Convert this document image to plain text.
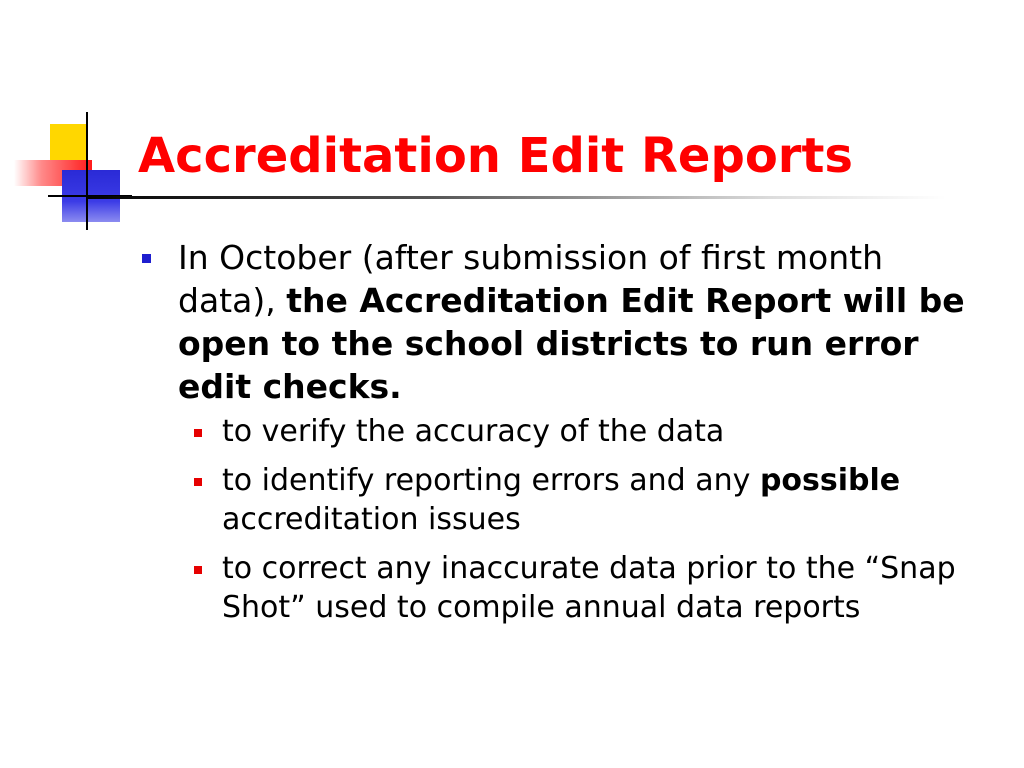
Accreditation Edit Reports

In October (after submission of first month data), the Accreditation Edit Report will be open to the school districts to run error edit checks.

to verify the accuracy of the data
to identify reporting errors and any possible accreditation issues
to correct any inaccurate data prior to the “Snap Shot” used to compile annual data reports
